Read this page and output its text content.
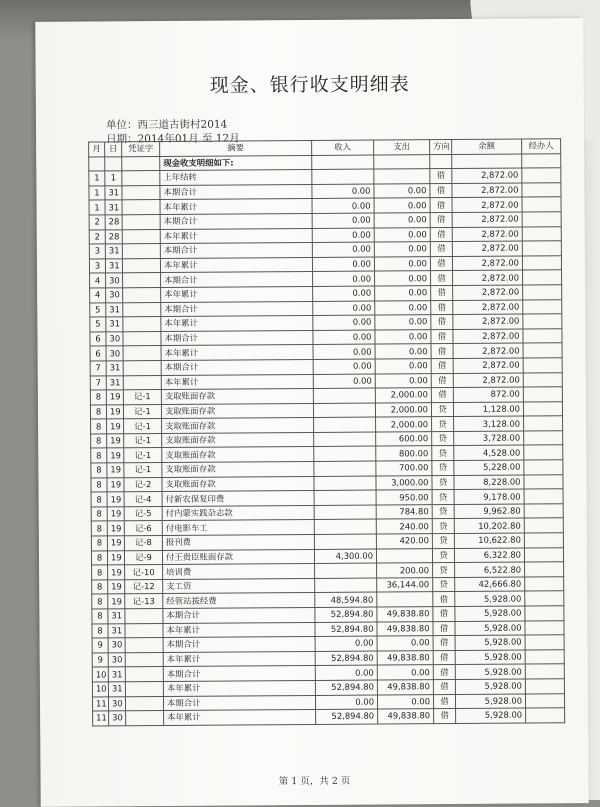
现金、银行收支明细表
单位：西三道古街村2014
日期：2014年01月 至 12月
月	日	凭证字	摘要	收入	支出	方向	余额	经办人
			现金收支明细如下:					
1	1		上年结转			借	2,872.00	
1	31		本期合计	0.00	0.00	借	2,872.00	
1	31		本年累计	0.00	0.00	借	2,872.00	
2	28		本期合计	0.00	0.00	借	2,872.00	
2	28		本年累计	0.00	0.00	借	2,872.00	
3	31		本期合计	0.00	0.00	借	2,872.00	
3	31		本年累计	0.00	0.00	借	2,872.00	
4	30		本期合计	0.00	0.00	借	2,872.00	
4	30		本年累计	0.00	0.00	借	2,872.00	
5	31		本期合计	0.00	0.00	借	2,872.00	
5	31		本年累计	0.00	0.00	借	2,872.00	
6	30		本期合计	0.00	0.00	借	2,872.00	
6	30		本年累计	0.00	0.00	借	2,872.00	
7	31		本期合计	0.00	0.00	借	2,872.00	
7	31		本年累计	0.00	0.00	借	2,872.00	
8	19	记-1	支取账面存款		2,000.00	借	872.00	
8	19	记-1	支取账面存款		2,000.00	贷	1,128.00	
8	19	记-1	支取账面存款		2,000.00	贷	3,128.00	
8	19	记-1	支取账面存款		600.00	贷	3,728.00	
8	19	记-1	支取账面存款		800.00	贷	4,528.00	
8	19	记-1	支取账面存款		700.00	贷	5,228.00	
8	19	记-2	支取账面存款		3,000.00	贷	8,228.00	
8	19	记-4	付新农保复印费		950.00	贷	9,178.00	
8	19	记-5	付内蒙实践杂志款		784.80	贷	9,962.80	
8	19	记-6	付电影车工		240.00	贷	10,202.80	
8	19	记-8	报刊费		420.00	贷	10,622.80	
8	19	记-9	付王贵臣账面存款	4,300.00		贷	6,322.80	
8	19	记-10	培训费		200.00	贷	6,522.80	
8	19	记-12	支工资		36,144.00	贷	42,666.80	
8	19	记-13	经管站拔经费	48,594.80		借	5,928.00	
8	31		本期合计	52,894.80	49,838.80	借	5,928.00	
8	31		本年累计	52,894.80	49,838.80	借	5,928.00	
9	30		本期合计	0.00	0.00	借	5,928.00	
9	30		本年累计	52,894.80	49,838.80	借	5,928.00	
10	31		本期合计	0.00	0.00	借	5,928.00	
10	31		本年累计	52,894.80	49,838.80	借	5,928.00	
11	30		本期合计	0.00	0.00	借	5,928.00	
11	30		本年累计	52,894.80	49,838.80	借	5,928.00	
第 1 页，共 2 页
